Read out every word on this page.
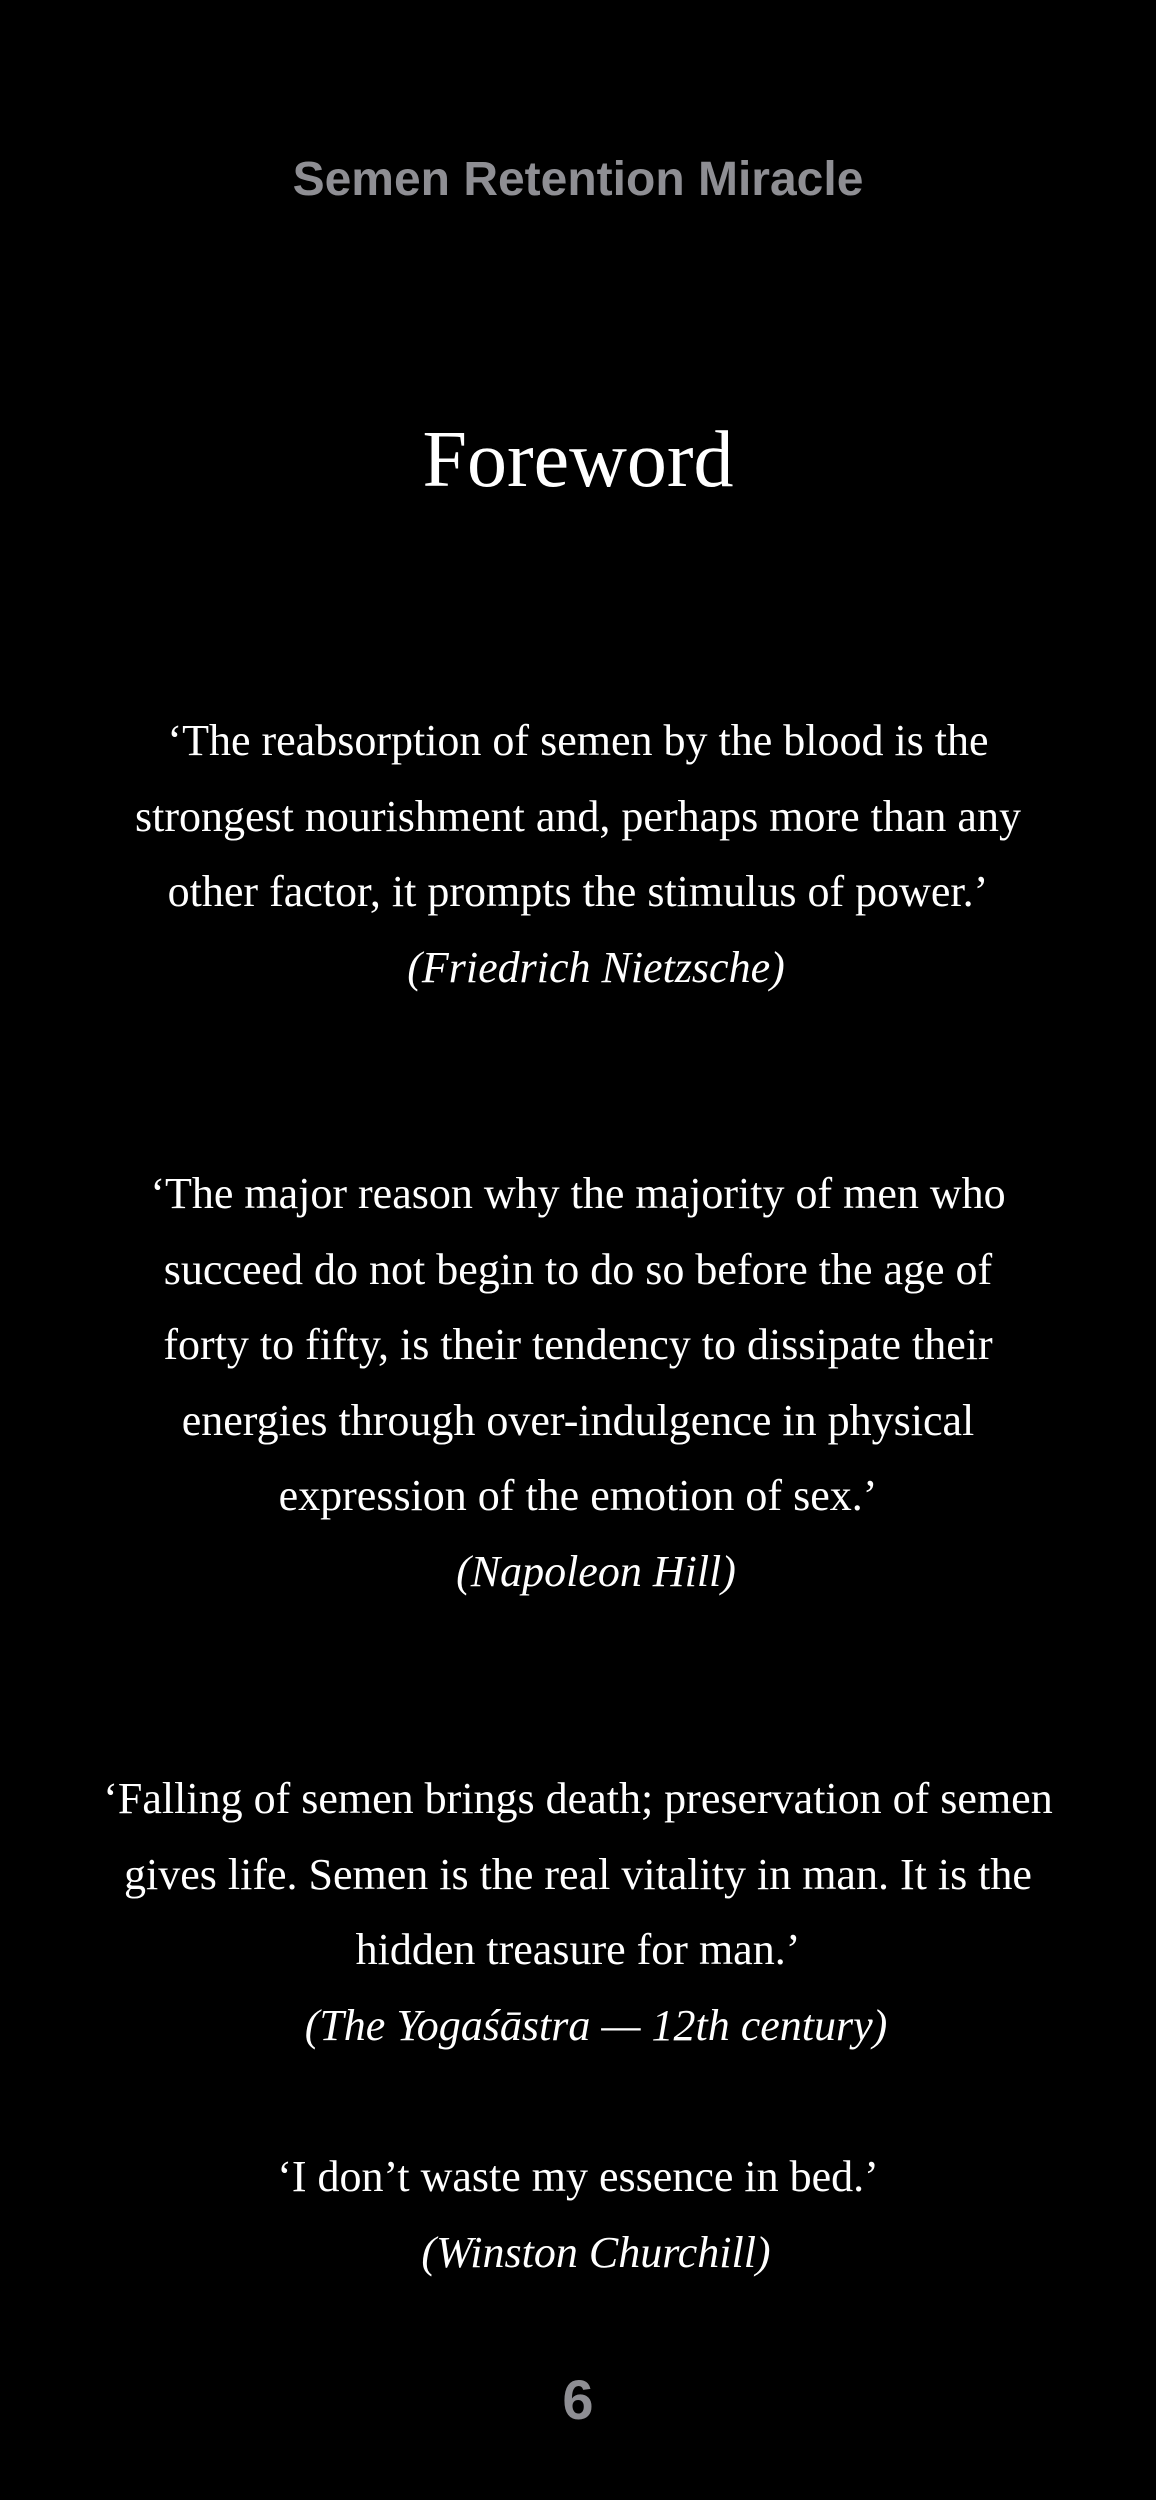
Semen Retention Miracle
Foreword

‘The reabsorption of semen by the blood is the strongest nourishment and, perhaps more than any other factor, it prompts the stimulus of power.’

(Friedrich Nietzsche)

‘The major reason why the majority of men who succeed do not begin to do so before the age of forty to fifty, is their tendency to dissipate their energies through over-indulgence in physical expression of the emotion of sex.’

(Napoleon Hill)

‘Falling of semen brings death; preservation of semen gives life. Semen is the real vitality in man. It is the hidden treasure for man.’

(The Yogaśāstra — 12th century)

‘I don’t waste my essence in bed.’

(Winston Churchill)

6
